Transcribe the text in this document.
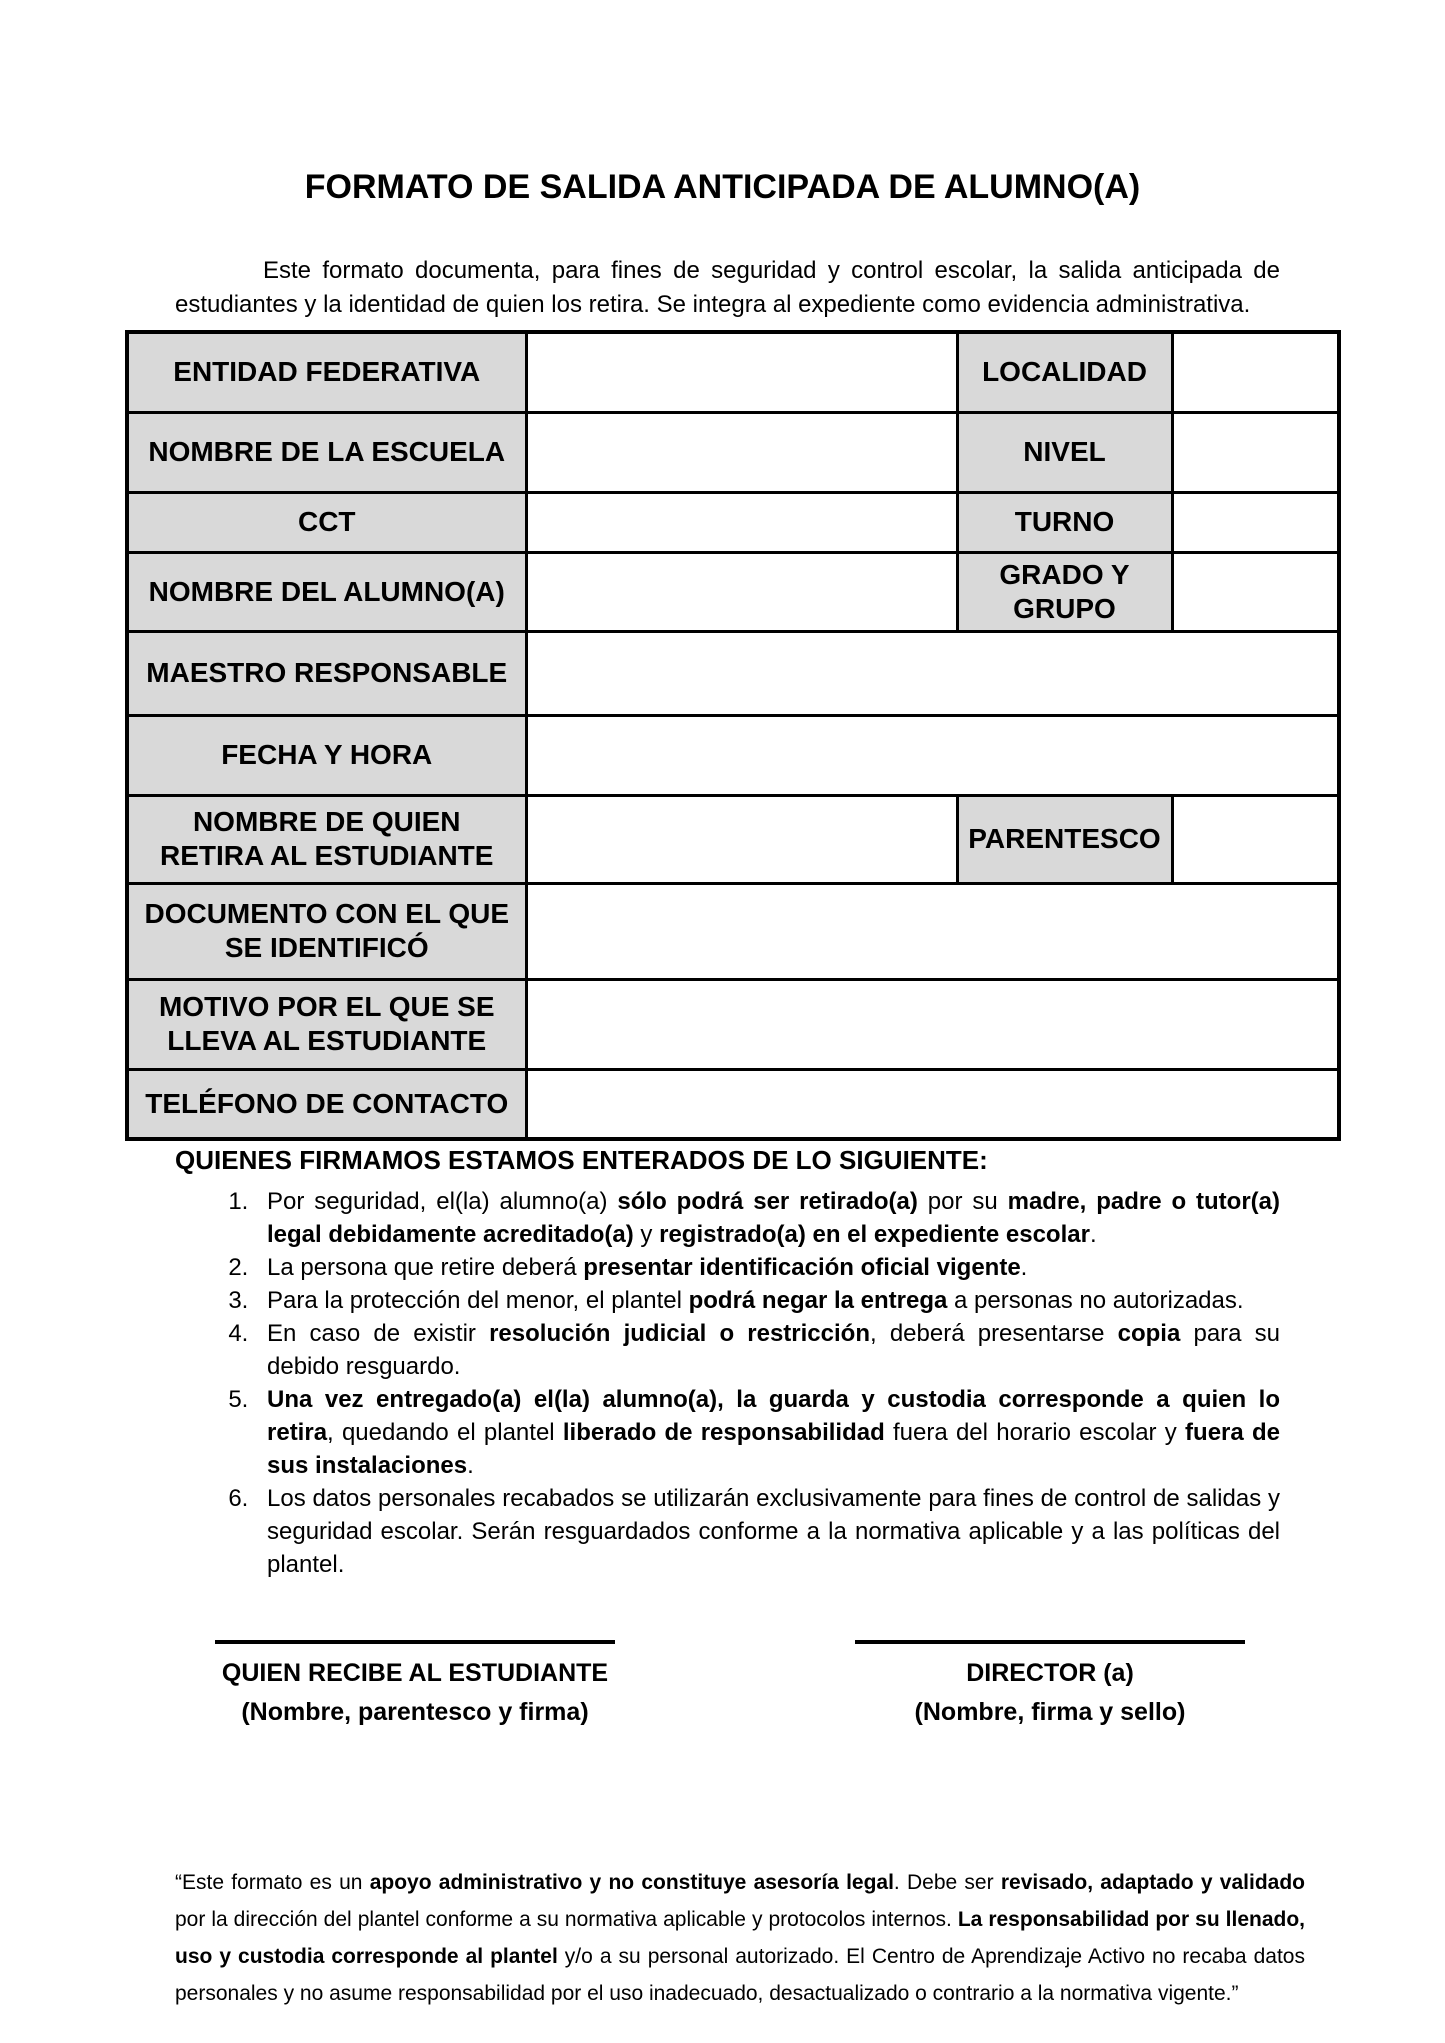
FORMATO DE SALIDA ANTICIPADA DE ALUMNO(A)

Este formato documenta, para fines de seguridad y control escolar, la salida anticipada de estudiantes y la identidad de quien los retira. Se integra al expediente como evidencia administrativa.

ENTIDAD FEDERATIVA		LOCALIDAD	
NOMBRE DE LA ESCUELA		NIVEL	
CCT		TURNO	
NOMBRE DEL ALUMNO(A)		GRADO Y GRUPO	
MAESTRO RESPONSABLE			
FECHA Y HORA			
NOMBRE DE QUIEN RETIRA AL ESTUDIANTE		PARENTESCO	
DOCUMENTO CON EL QUE SE IDENTIFICÓ			
MOTIVO POR EL QUE SE LLEVA AL ESTUDIANTE			
TELÉFONO DE CONTACTO			

QUIENES FIRMAMOS ESTAMOS ENTERADOS DE LO SIGUIENTE:

1. Por seguridad, el(la) alumno(a) sólo podrá ser retirado(a) por su madre, padre o tutor(a) legal debidamente acreditado(a) y registrado(a) en el expediente escolar.
2. La persona que retire deberá presentar identificación oficial vigente.
3. Para la protección del menor, el plantel podrá negar la entrega a personas no autorizadas.
4. En caso de existir resolución judicial o restricción, deberá presentarse copia para su debido resguardo.
5. Una vez entregado(a) el(la) alumno(a), la guarda y custodia corresponde a quien lo retira, quedando el plantel liberado de responsabilidad fuera del horario escolar y fuera de sus instalaciones.
6. Los datos personales recabados se utilizarán exclusivamente para fines de control de salidas y seguridad escolar. Serán resguardados conforme a la normativa aplicable y a las políticas del plantel.
QUIEN RECIBE AL ESTUDIANTE
(Nombre, parentesco y firma)
DIRECTOR (a)
(Nombre, firma y sello)

“Este formato es un apoyo administrativo y no constituye asesoría legal. Debe ser revisado, adaptado y validado por la dirección del plantel conforme a su normativa aplicable y protocolos internos. La responsabilidad por su llenado, uso y custodia corresponde al plantel y/o a su personal autorizado. El Centro de Aprendizaje Activo no recaba datos personales y no asume responsabilidad por el uso inadecuado, desactualizado o contrario a la normativa vigente.”
